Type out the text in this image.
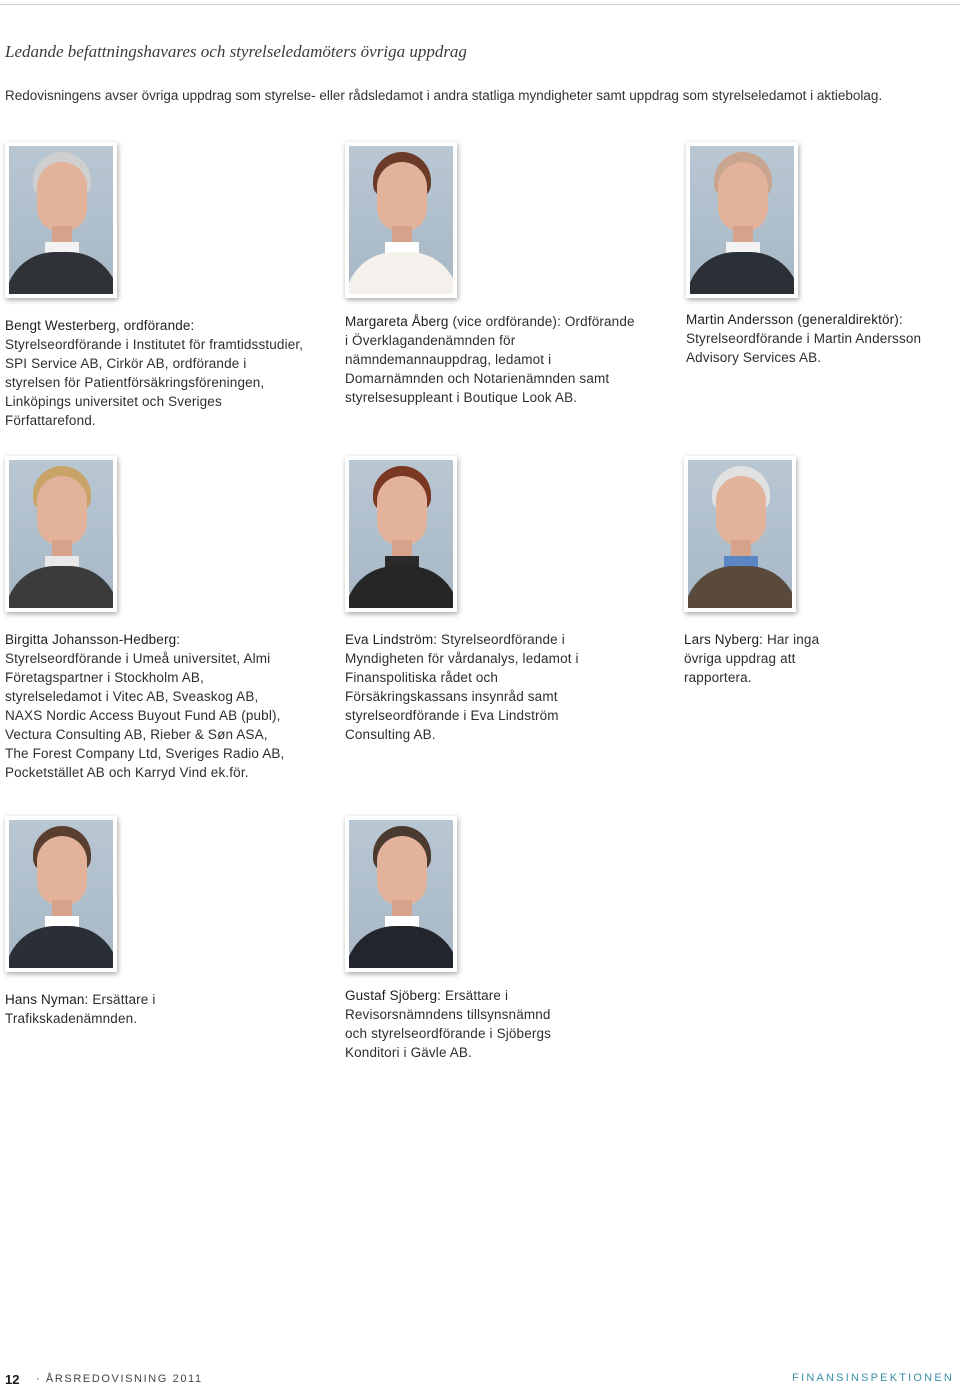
Ledande befattningshavares och styrelseledamöters övriga uppdrag

Redovisningens avser övriga uppdrag som styrelse- eller rådsledamot i andra statliga myndigheter samt uppdrag som styrelseledamot i aktiebolag.

Bengt Westerberg, ordförande: Styrelseordförande i Institutet för framtidsstudier, SPI Service AB, Cirkör AB, ordförande i styrelsen för Patientförsäkringsföreningen, Linköpings universitet och Sveriges Författarefond.

Margareta Åberg (vice ordförande): Ordförande i Överklagandenämnden för nämndemannauppdrag, ledamot i Domarnämnden och Notarienämnden samt styrelsesuppleant i Boutique Look AB.

Martin Andersson (generaldirektör): Styrelseordförande i Martin Andersson Advisory Services AB.

Birgitta Johansson-Hedberg: Styrelseordförande i Umeå universitet, Almi Företagspartner i Stockholm AB, styrelseledamot i Vitec AB, Sveaskog AB, NAXS Nordic Access Buyout Fund AB (publ), Vectura Consulting AB, Rieber & Søn ASA, The Forest Company Ltd, Sveriges Radio AB, Pocketstället AB och Karryd Vind ek.för.

Eva Lindström: Styrelseordförande i Myndigheten för vårdanalys, ledamot i Finanspolitiska rådet och Försäkringskassans insynråd samt styrelseordförande i Eva Lindström Consulting AB.

Lars Nyberg: Har inga övriga uppdrag att rapportera.

Hans Nyman: Ersättare i Trafikskadenämnden.

Gustaf Sjöberg: Ersättare i Revisorsnämndens tillsynsnämnd och styrelseordförande i Sjöbergs Konditori i Gävle AB.

12 · ÅRSREDOVISNING 2011	FINANSINSPEKTIONEN
